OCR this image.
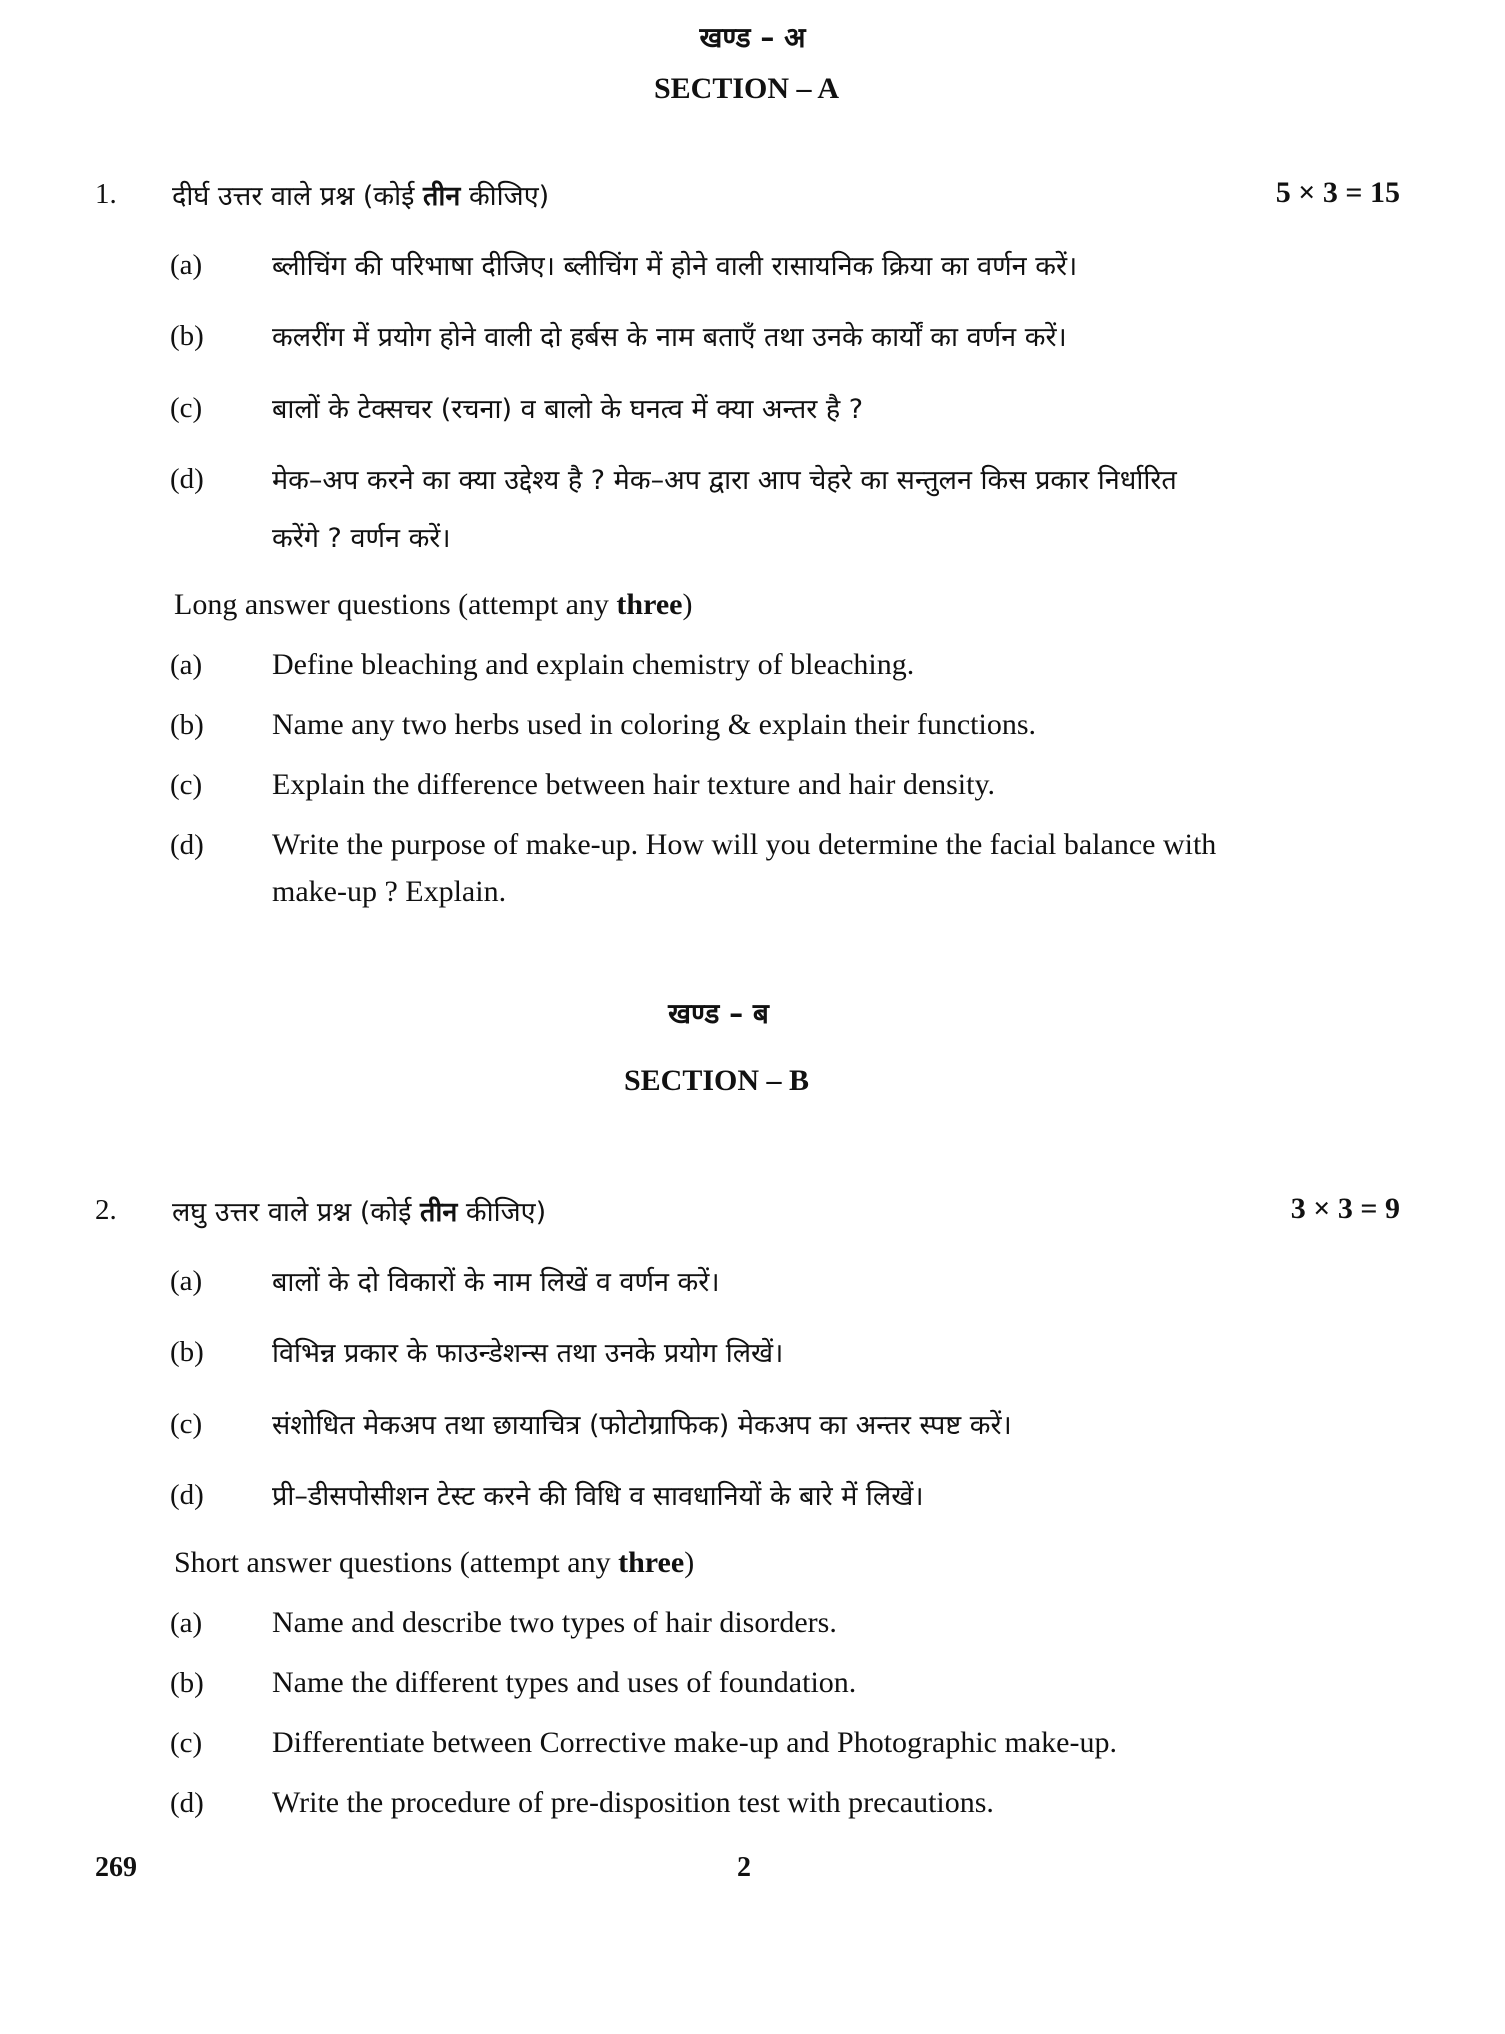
खण्ड – अ
SECTION – A
1. दीर्घ उत्तर वाले प्रश्न (कोई तीन कीजिए)	5 × 3 = 15
(a)	ब्लीचिंग की परिभाषा दीजिए। ब्लीचिंग में होने वाली रासायनिक क्रिया का वर्णन करें।
(b)	कलरींग में प्रयोग होने वाली दो हर्बस के नाम बताएँ तथा उनके कार्यों का वर्णन करें।
(c)	बालों के टेक्सचर (रचना) व बालो के घनत्व में क्या अन्तर है ?
(d)	मेक–अप करने का क्या उद्देश्य है ? मेक–अप द्वारा आप चेहरे का सन्तुलन किस प्रकार निर्धारित
करेंगे ? वर्णन करें।
Long answer questions (attempt any three)
(a) Define bleaching and explain chemistry of bleaching.
(b) Name any two herbs used in coloring & explain their functions.
(c) Explain the difference between hair texture and hair density.
(d) Write the purpose of make-up. How will you determine the facial balance with
make-up ? Explain.
खण्ड – ब
SECTION – B
2. लघु उत्तर वाले प्रश्न (कोई तीन कीजिए)	3 × 3 = 9
(a)	बालों के दो विकारों के नाम लिखें व वर्णन करें।
(b)	विभिन्न प्रकार के फाउन्डेशन्स तथा उनके प्रयोग लिखें।
(c)	संशोधित मेकअप तथा छायाचित्र (फोटोग्राफिक) मेकअप का अन्तर स्पष्ट करें।
(d)	प्री–डीसपोसीशन टेस्ट करने की विधि व सावधानियों के बारे में लिखें।
Short answer questions (attempt any three)
(a) Name and describe two types of hair disorders.
(b) Name the different types and uses of foundation.
(c) Differentiate between Corrective make-up and Photographic make-up.
(d) Write the procedure of pre-disposition test with precautions.
269	2
